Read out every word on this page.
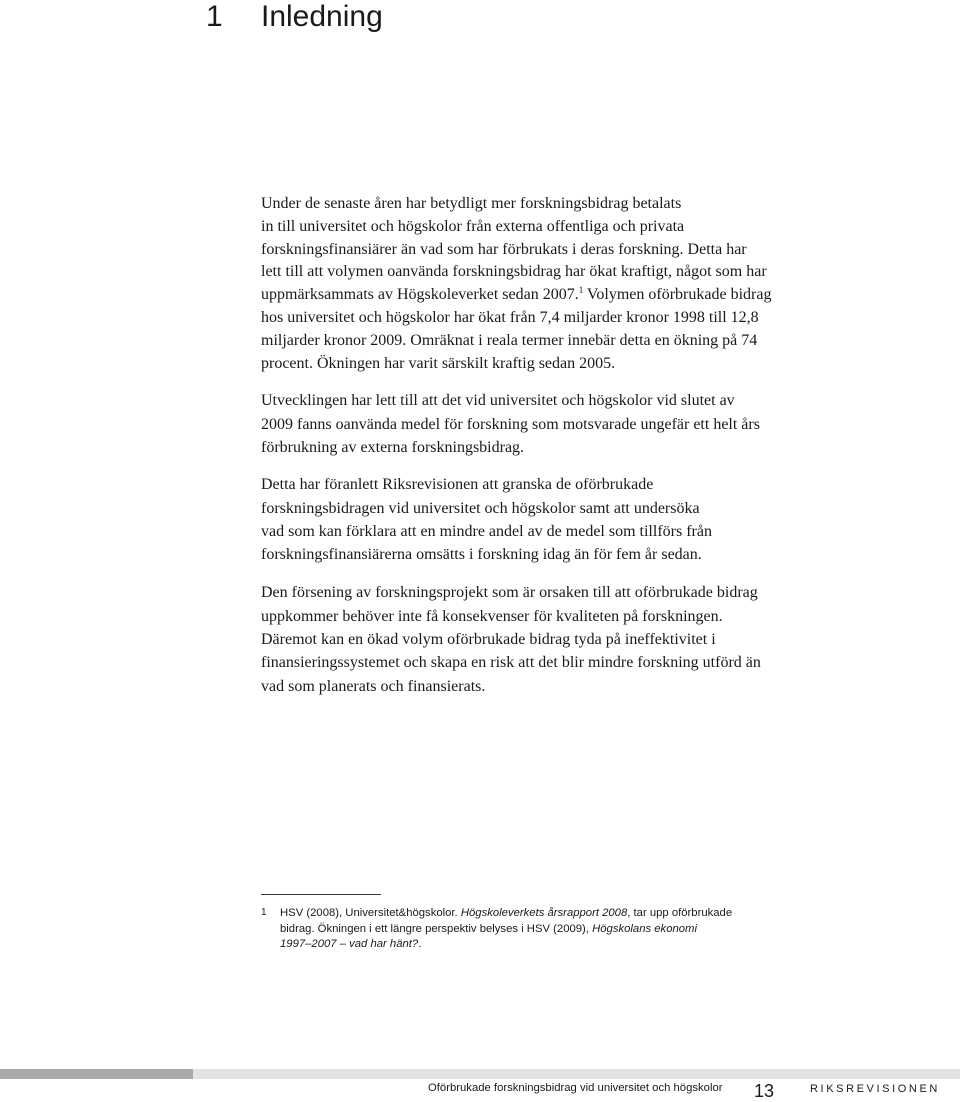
1 Inledning

Under de senaste åren har betydligt mer forskningsbidrag betalats
in till universitet och högskolor från externa offentliga och privata
forskningsfinansiärer än vad som har förbrukats i deras forskning. Detta har
lett till att volymen oanvända forskningsbidrag har ökat kraftigt, något som har
uppmärksammats av Högskoleverket sedan 2007.$^1$ Volymen oförbrukade bidrag
hos universitet och högskolor har ökat från 7,4 miljarder kronor 1998 till 12,8
miljarder kronor 2009. Omräknat i reala termer innebär detta en ökning på 74
procent. Ökningen har varit särskilt kraftig sedan 2005.

Utvecklingen har lett till att det vid universitet och högskolor vid slutet av
2009 fanns oanvända medel för forskning som motsvarade ungefär ett helt års
förbrukning av externa forskningsbidrag.

Detta har föranlett Riksrevisionen att granska de oförbrukade
forskningsbidragen vid universitet och högskolor samt att undersöka
vad som kan förklara att en mindre andel av de medel som tillförs från
forskningsfinansiärerna omsätts i forskning idag än för fem år sedan.

Den försening av forskningsprojekt som är orsaken till att oförbrukade bidrag
uppkommer behöver inte få konsekvenser för kvaliteten på forskningen.
Däremot kan en ökad volym oförbrukade bidrag tyda på ineffektivitet i
finansieringssystemet och skapa en risk att det blir mindre forskning utförd än
vad som planerats och finansierats.

1 HSV (2008), Universitet&högskolor. Högskoleverkets årsrapport 2008, tar upp oförbrukade
bidrag. Ökningen i ett längre perspektiv belyses i HSV (2009), Högskolans ekonomi
1997–2007 – vad har hänt?.
Oförbrukade forskningsbidrag vid universitet och högskolor	13	RIKSREVISIONEN
